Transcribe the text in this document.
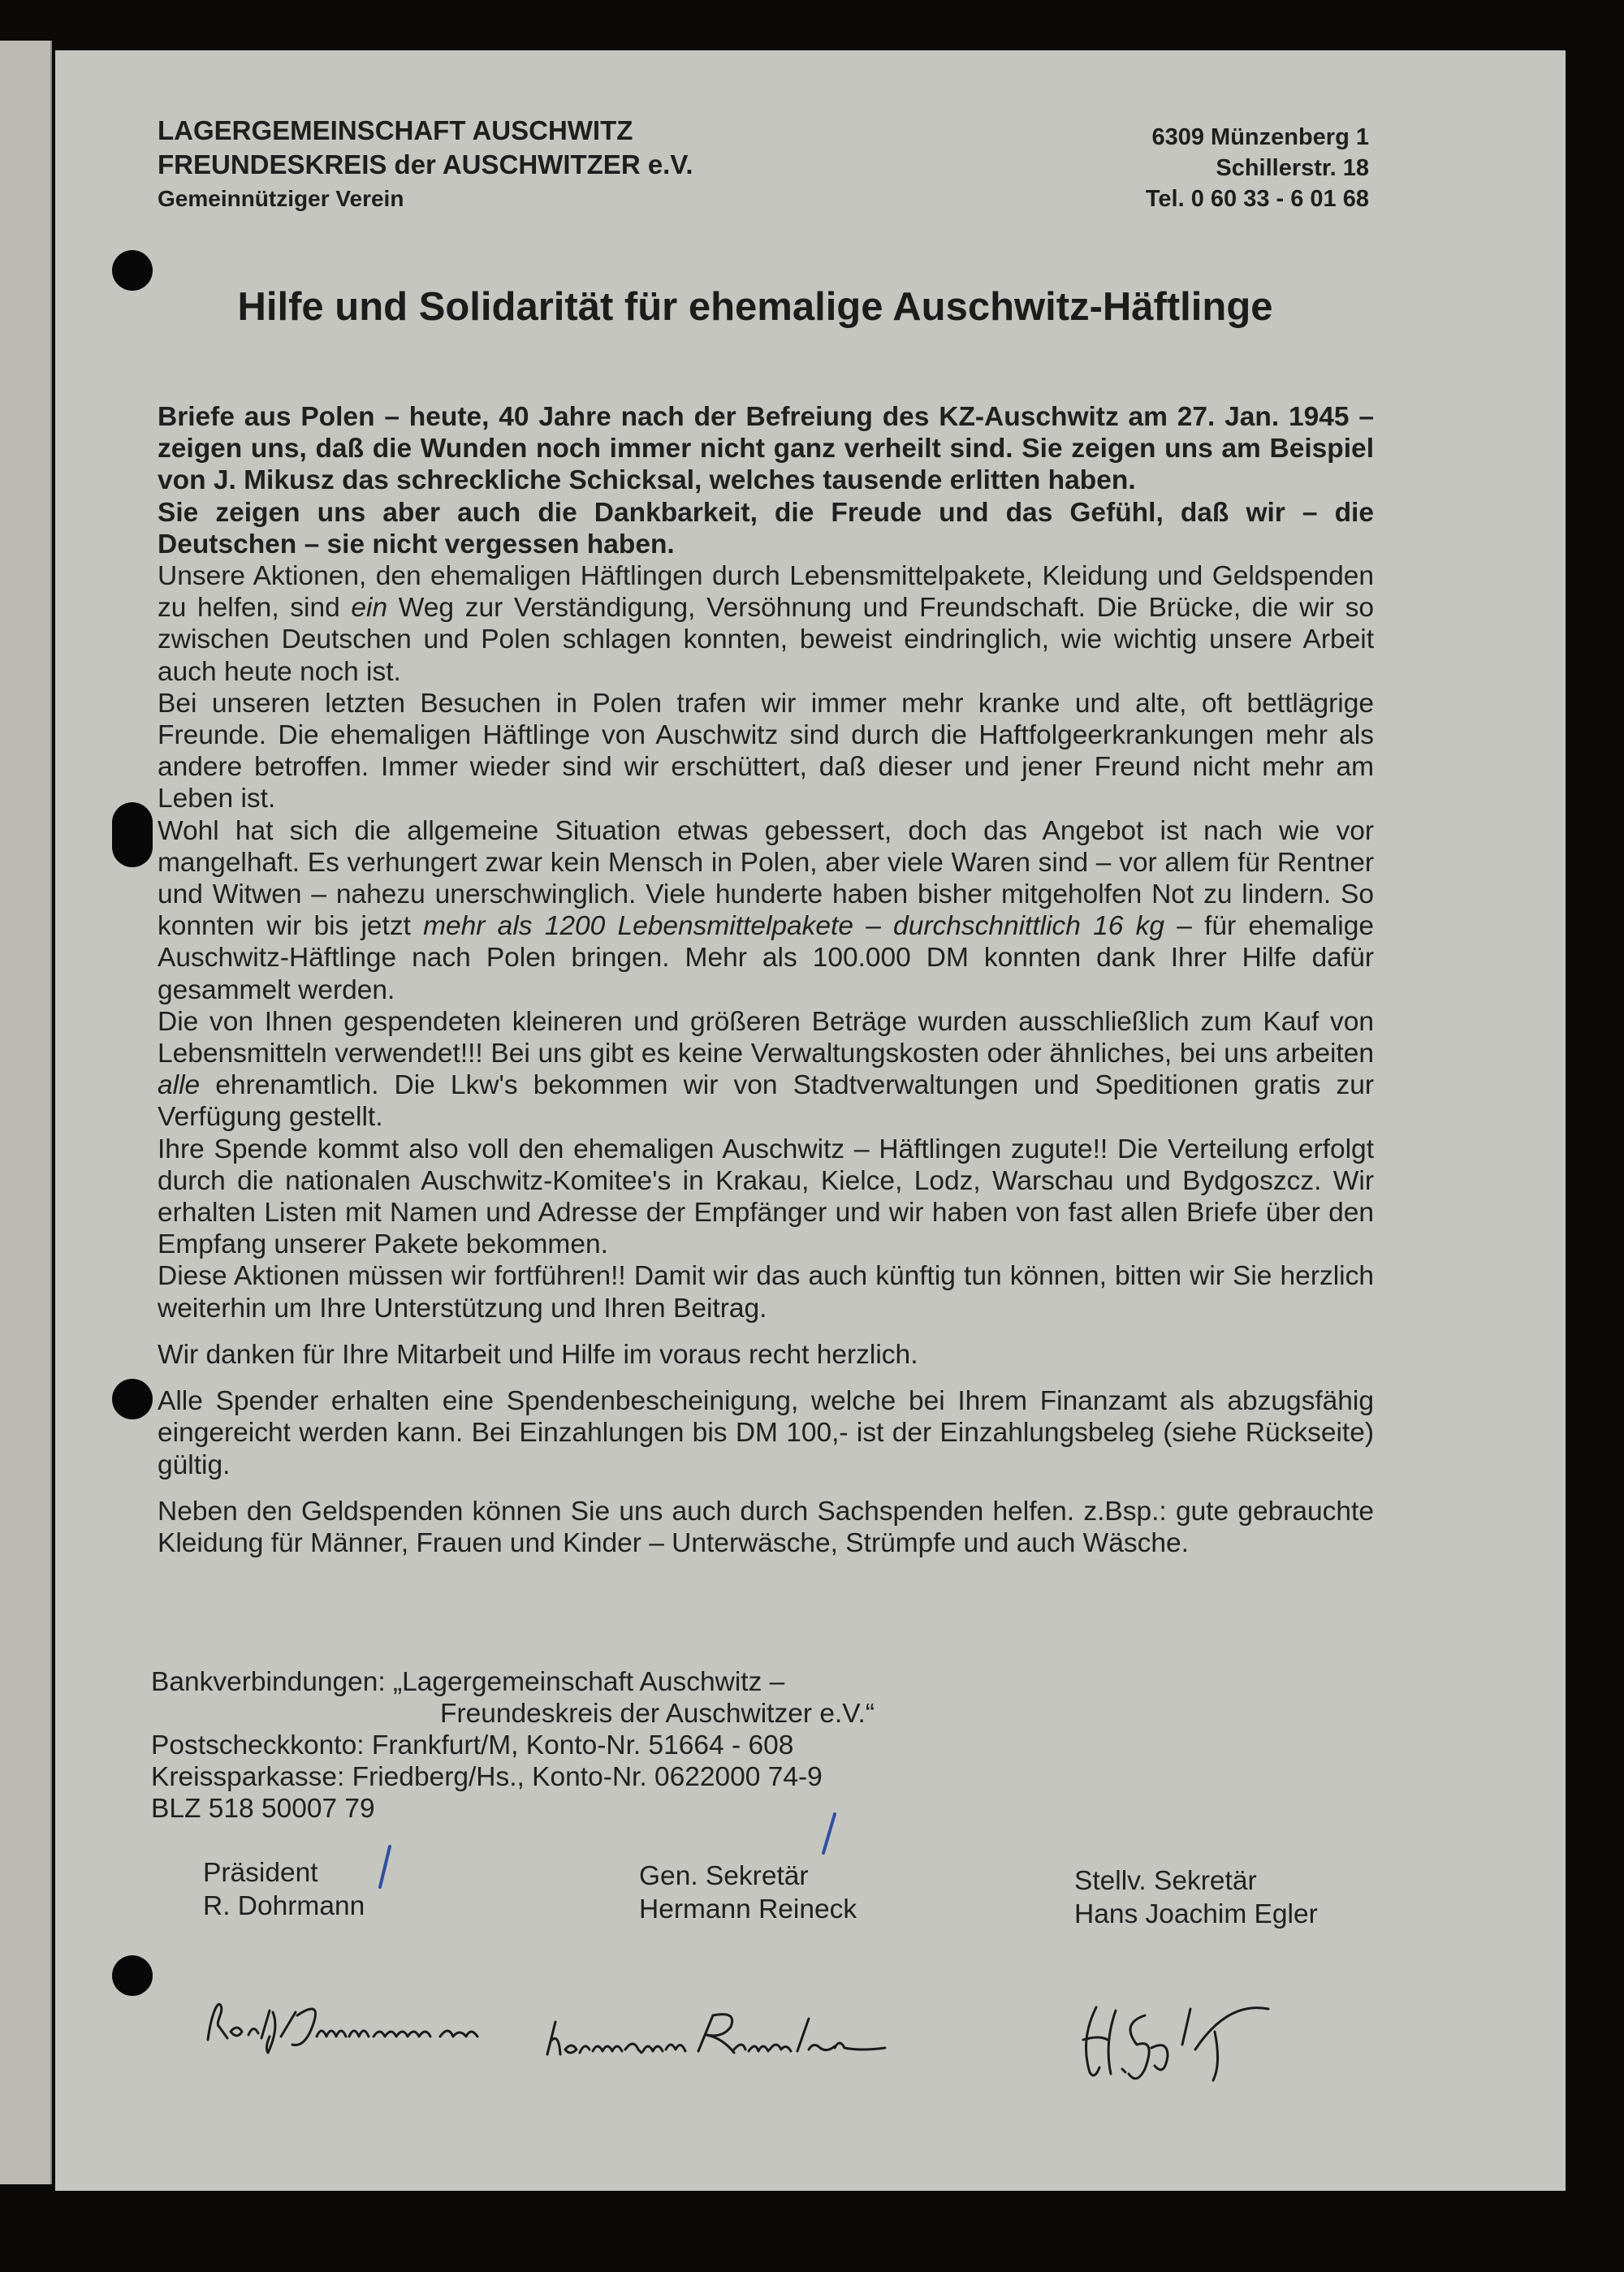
LAGERGEMEINSCHAFT AUSCHWITZ
FREUNDESKREIS der AUSCHWITZER e.V.
Gemeinnütziger Verein
6309 Münzenberg 1
Schillerstr. 18
Tel. 0 60 33 - 6 01 68
Hilfe und Solidarität für ehemalige Auschwitz-Häftlinge

Briefe aus Polen – heute, 40 Jahre nach der Befreiung des KZ-Auschwitz am 27. Jan. 1945 – zeigen uns, daß die Wunden noch immer nicht ganz verheilt sind. Sie zeigen uns am Beispiel von J. Mikusz das schreckliche Schicksal, welches tausende erlitten haben.

Sie zeigen uns aber auch die Dankbarkeit, die Freude und das Gefühl, daß wir – die Deutschen – sie nicht vergessen haben.

Unsere Aktionen, den ehemaligen Häftlingen durch Lebensmittelpakete, Kleidung und Geldspenden zu helfen, sind ein Weg zur Verständigung, Versöhnung und Freundschaft. Die Brücke, die wir so zwischen Deutschen und Polen schlagen konnten, beweist eindringlich, wie wichtig unsere Arbeit auch heute noch ist.

Bei unseren letzten Besuchen in Polen trafen wir immer mehr kranke und alte, oft bettlägrige Freunde. Die ehemaligen Häftlinge von Auschwitz sind durch die Haftfolgeerkrankungen mehr als andere betroffen. Immer wieder sind wir erschüttert, daß dieser und jener Freund nicht mehr am Leben ist.

Wohl hat sich die allgemeine Situation etwas gebessert, doch das Angebot ist nach wie vor mangelhaft. Es verhungert zwar kein Mensch in Polen, aber viele Waren sind – vor allem für Rentner und Witwen – nahezu unerschwinglich. Viele hunderte haben bisher mitgeholfen Not zu lindern. So konnten wir bis jetzt mehr als 1200 Lebensmittelpakete – durchschnittlich 16 kg – für ehemalige Auschwitz-Häftlinge nach Polen bringen. Mehr als 100.000 DM konnten dank Ihrer Hilfe dafür gesammelt werden.

Die von Ihnen gespendeten kleineren und größeren Beträge wurden ausschließlich zum Kauf von Lebensmitteln verwendet!!! Bei uns gibt es keine Verwaltungskosten oder ähnliches, bei uns arbeiten alle ehrenamtlich. Die Lkw's bekommen wir von Stadtverwaltungen und Speditionen gratis zur Verfügung gestellt.

Ihre Spende kommt also voll den ehemaligen Auschwitz – Häftlingen zugute!! Die Verteilung erfolgt durch die nationalen Auschwitz-Komitee's in Krakau, Kielce, Lodz, Warschau und Bydgoszcz. Wir erhalten Listen mit Namen und Adresse der Empfänger und wir haben von fast allen Briefe über den Empfang unserer Pakete bekommen.

Diese Aktionen müssen wir fortführen!! Damit wir das auch künftig tun können, bitten wir Sie herzlich weiterhin um Ihre Unterstützung und Ihren Beitrag.

Wir danken für Ihre Mitarbeit und Hilfe im voraus recht herzlich.

Alle Spender erhalten eine Spendenbescheinigung, welche bei Ihrem Finanzamt als abzugsfähig eingereicht werden kann. Bei Einzahlungen bis DM 100,- ist der Einzahlungsbeleg (siehe Rückseite) gültig.

Neben den Geldspenden können Sie uns auch durch Sachspenden helfen. z.Bsp.: gute gebrauchte Kleidung für Männer, Frauen und Kinder – Unterwäsche, Strümpfe und auch Wäsche.

Bankverbindungen: „Lagergemeinschaft Auschwitz –
Freundeskreis der Auschwitzer e.V.“
Postscheckkonto: Frankfurt/M, Konto-Nr. 51664 - 608
Kreissparkasse: Friedberg/Hs., Konto-Nr. 0622000 74-9
BLZ 518 50007 79
Präsident
R. Dohrmann
Gen. Sekretär
Hermann Reineck
Stellv. Sekretär
Hans Joachim Egler
